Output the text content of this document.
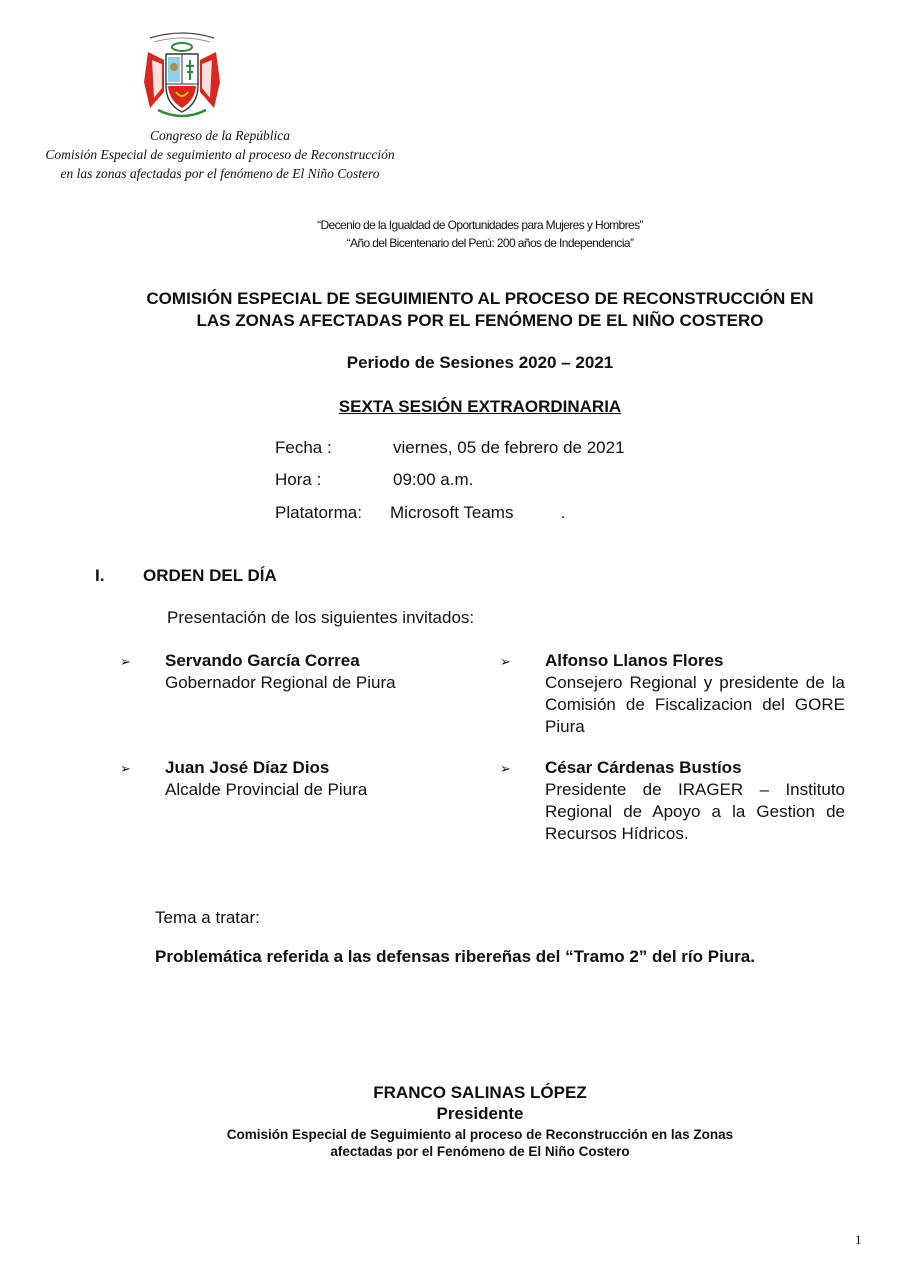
Congreso de la República
Comisión Especial de seguimiento al proceso de Reconstrucción
en las zonas afectadas por el fenómeno de El Niño Costero
“Decenio de la Igualdad de Oportunidades para Mujeres y Hombres”
“Año del Bicentenario del Perú: 200 años de Independencia”
COMISIÓN ESPECIAL DE SEGUIMIENTO AL PROCESO DE RECONSTRUCCIÓN EN
LAS ZONAS AFECTADAS POR EL FENÓMENO DE EL NIÑO COSTERO
Periodo de Sesiones 2020 – 2021
SEXTA SESIÓN EXTRAORDINARIA
Fecha :	viernes, 05 de febrero de 2021
Hora :	09:00 a.m.
Platatorma: Microsoft Teams          .
I. ORDEN DEL DÍA
Presentación de los siguientes invitados:
➢ Servando García Correa
Gobernador Regional de Piura
➢ Alfonso Llanos Flores
Consejero Regional y presidente de la Comisión de Fiscalizacion del GORE Piura
➢ Juan José Díaz Dios
Alcalde Provincial de Piura
➢ César Cárdenas Bustíos
Presidente de IRAGER – Instituto Regional de Apoyo a la Gestion de Recursos Hídricos.
Tema a tratar:
Problemática referida a las defensas ribereñas del “Tramo 2” del río Piura.
FRANCO SALINAS LÓPEZ
Presidente
Comisión Especial de Seguimiento al proceso de Reconstrucción en las Zonas
afectadas por el Fenómeno de El Niño Costero
1
